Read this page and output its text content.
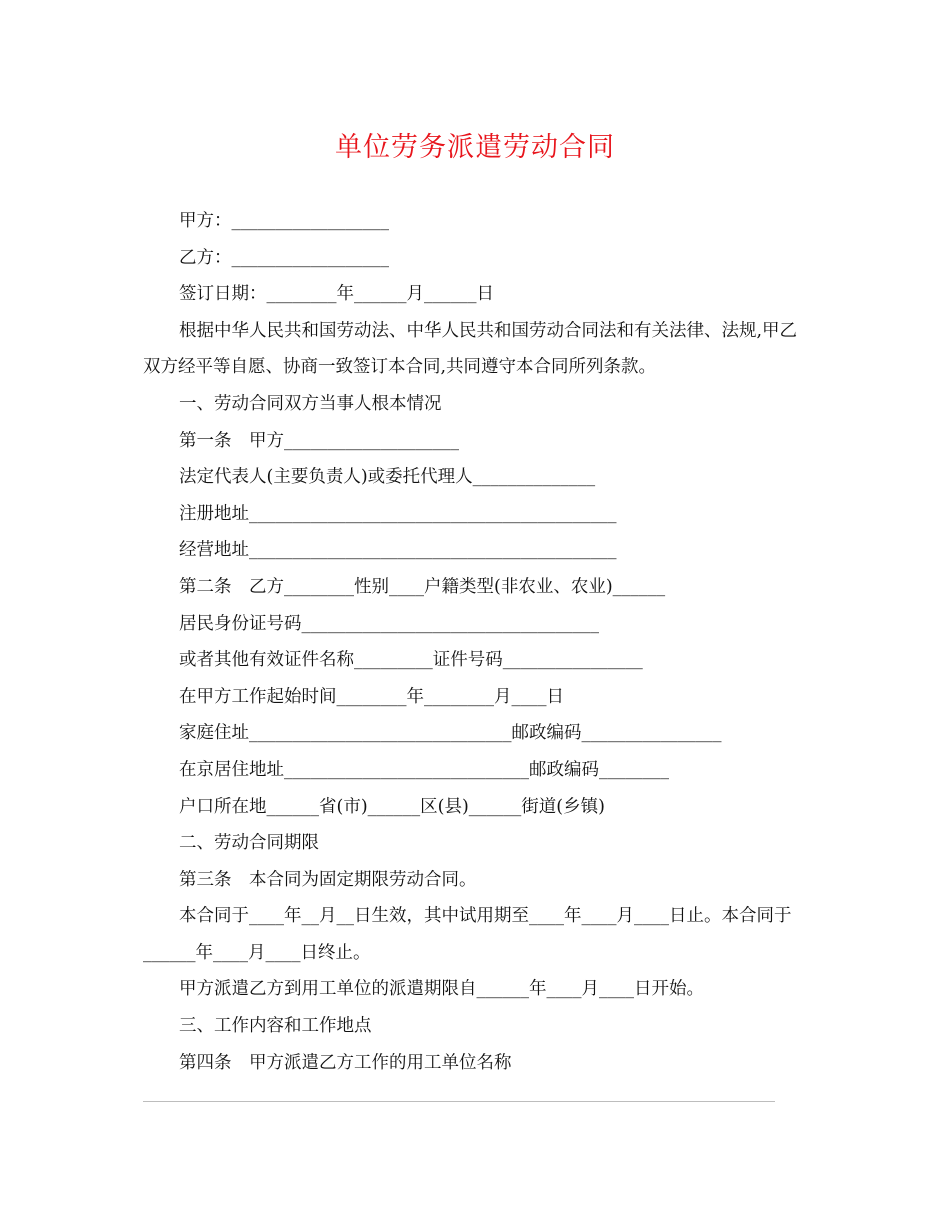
单位劳务派遣劳动合同

甲方：__________________

乙方：__________________

签订日期：________年______月______日

根据中华人民共和国劳动法、中华人民共和国劳动合同法和有关法律、法规,甲乙双方经平等自愿、协商一致签订本合同,共同遵守本合同所列条款。

一、劳动合同双方当事人根本情况

第一条　甲方____________________

法定代表人(主要负责人)或委托代理人______________

注册地址__________________________________________

经营地址__________________________________________

第二条　乙方________性别____户籍类型(非农业、农业)______

居民身份证号码__________________________________

或者其他有效证件名称_________证件号码________________

在甲方工作起始时间________年________月____日

家庭住址______________________________邮政编码________________

在京居住地址____________________________邮政编码________

户口所在地______省(市)______区(县)______街道(乡镇)

二、劳动合同期限

第三条　本合同为固定期限劳动合同。

本合同于____年__月__日生效，其中试用期至____年____月____日止。本合同于______年____月____日终止。

甲方派遣乙方到用工单位的派遣期限自______年____月____日开始。

三、工作内容和工作地点

第四条　甲方派遣乙方工作的用工单位名称
